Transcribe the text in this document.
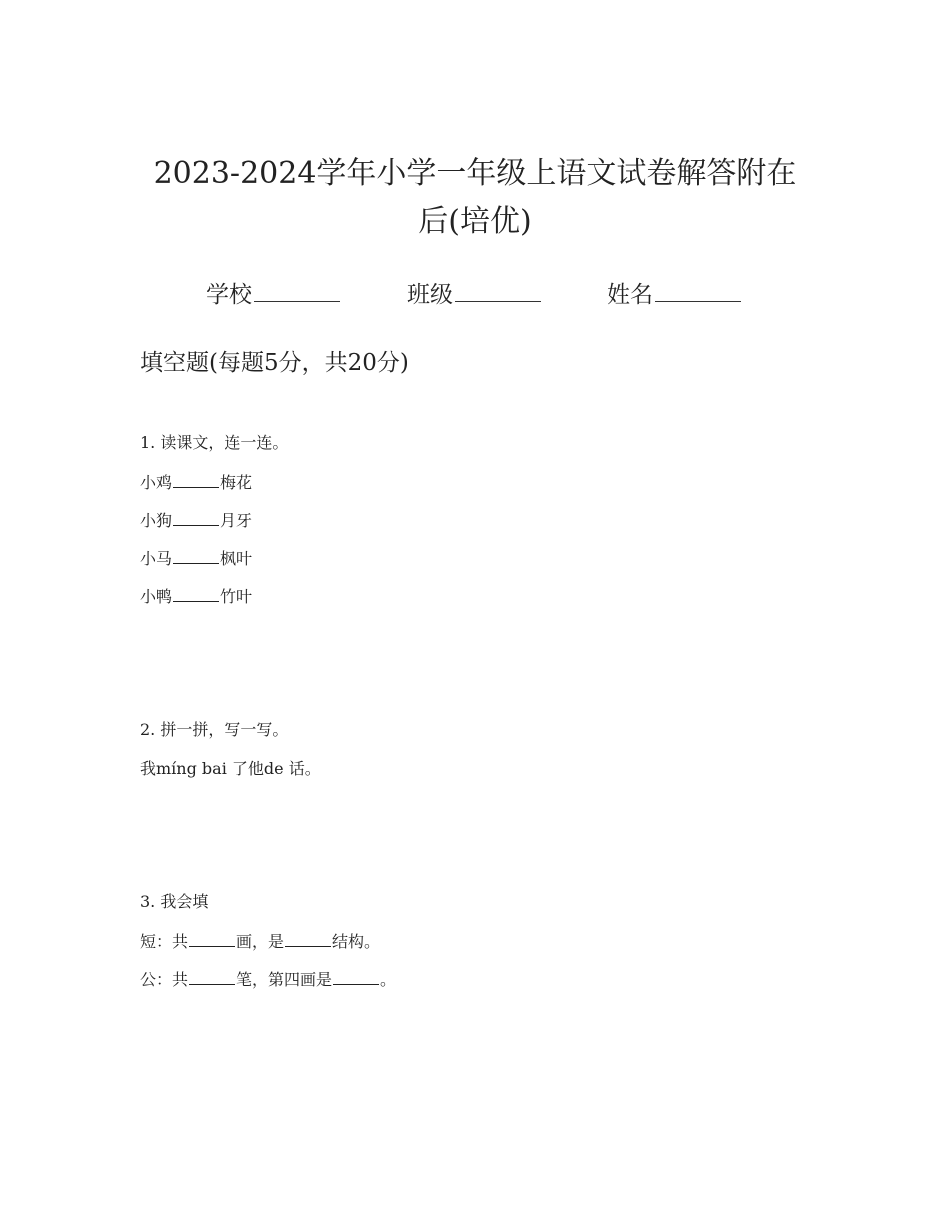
2023-2024学年小学一年级上语文试卷解答附在
后(培优)
学校	班级	姓名
填空题(每题5分，共20分)
1. 读课文，连一连。
小鸡	梅花
小狗	月牙
小马	枫叶
小鸭	竹叶
2. 拼一拼，写一写。
我míng bai 了他de 话。
3. 我会填
短：共	画，是	结构。
公：共	笔，第四画是	。
